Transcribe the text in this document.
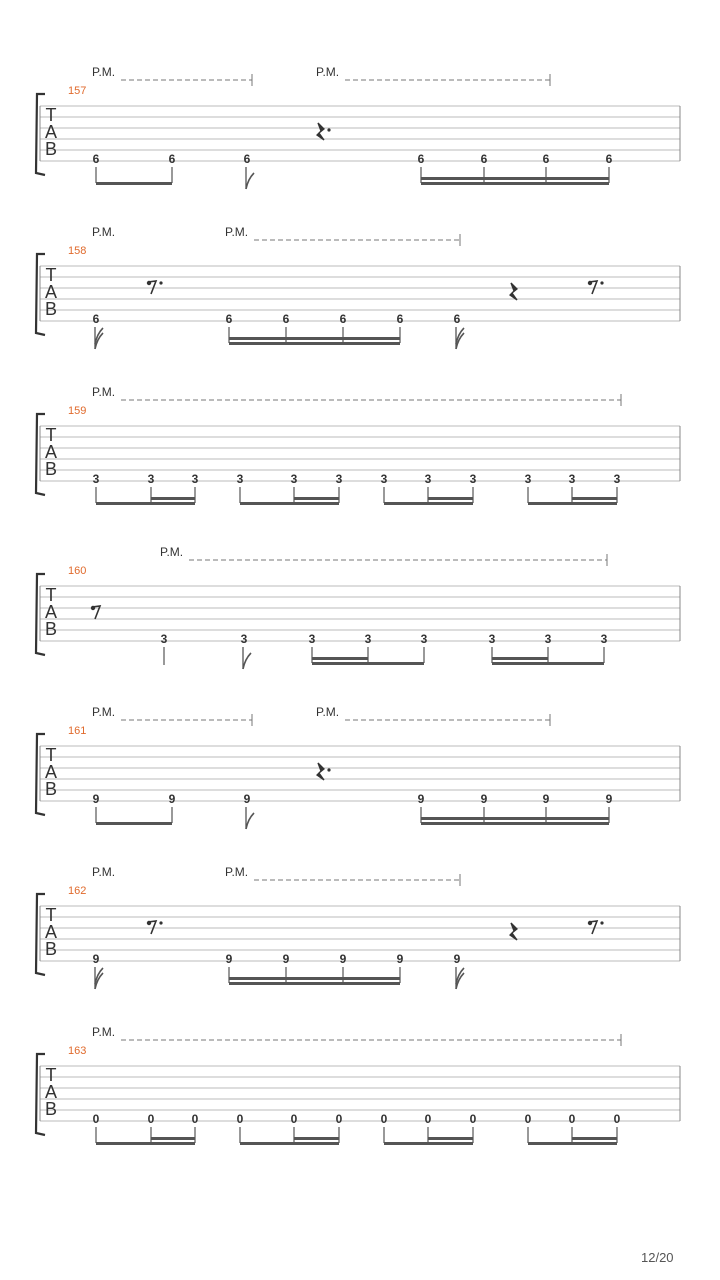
T
A
B
157
P.M.	P.M.
6	6	6	6	6	6	6
T
A
B
158
P.M.	P.M.
6	6	6	6	6	6
T
A
B
159
P.M.
3	3	3	3	3	3	3	3	3	3	3	3
T
A
B
160
P.M.
3	3	3	3	3	3	3	3
T
A
B
161
P.M.	P.M.
9	9	9	9	9	9	9
T
A
B
162
P.M.	P.M.
9	9	9	9	9	9
T
A
B
163
P.M.
0	0	0	0	0	0	0	0	0	0	0	0
12/20
